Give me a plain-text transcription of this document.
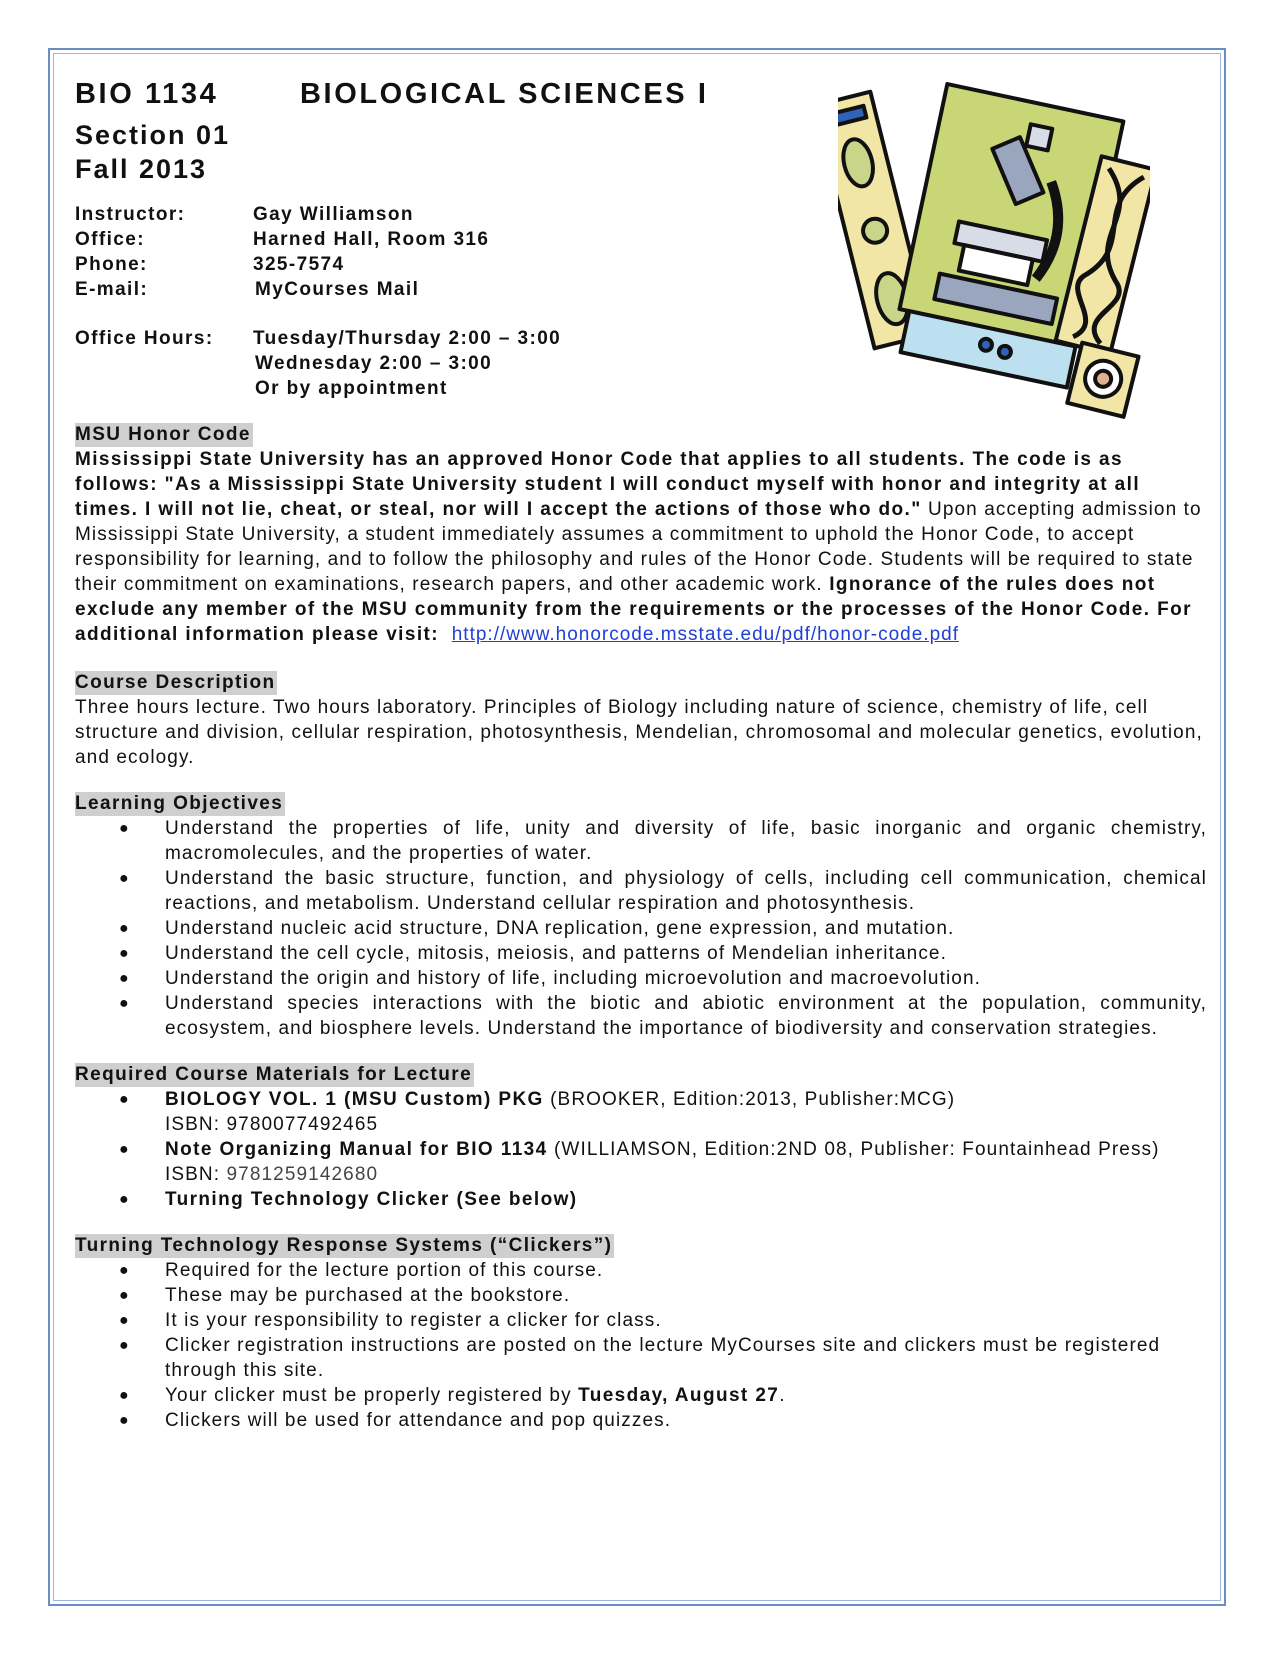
BIO 1134	BIOLOGICAL SCIENCES I
Section 01
Fall 2013
Instructor:	Gay Williamson
Office:	Harned Hall, Room 316
Phone:	325-7574
E-mail:	MyCourses Mail
Office Hours: Tuesday/Thursday 2:00 – 3:00
Wednesday 2:00 – 3:00
Or by appointment
MSU Honor Code

Mississippi State University has an approved Honor Code that applies to all students. The code is as follows: "As a Mississippi State University student I will conduct myself with honor and integrity at all times. I will not lie, cheat, or steal, nor will I accept the actions of those who do." Upon accepting admission to Mississippi State University, a student immediately assumes a commitment to uphold the Honor Code, to accept responsibility for learning, and to follow the philosophy and rules of the Honor Code. Students will be required to state their commitment on examinations, research papers, and other academic work. Ignorance of the rules does not exclude any member of the MSU community from the requirements or the processes of the Honor Code. For additional information please visit: http://www.honorcode.msstate.edu/pdf/honor-code.pdf

Course Description

Three hours lecture. Two hours laboratory. Principles of Biology including nature of science, chemistry of life, cell structure and division, cellular respiration, photosynthesis, Mendelian, chromosomal and molecular genetics, evolution, and ecology.

Learning Objectives
● Understand the properties of life, unity and diversity of life, basic inorganic and organic chemistry, macromolecules, and the properties of water.
● Understand the basic structure, function, and physiology of cells, including cell communication, chemical reactions, and metabolism. Understand cellular respiration and photosynthesis.
● Understand nucleic acid structure, DNA replication, gene expression, and mutation.
● Understand the cell cycle, mitosis, meiosis, and patterns of Mendelian inheritance.
● Understand the origin and history of life, including microevolution and macroevolution.
● Understand species interactions with the biotic and abiotic environment at the population, community, ecosystem, and biosphere levels. Understand the importance of biodiversity and conservation strategies.
Required Course Materials for Lecture
● BIOLOGY VOL. 1 (MSU Custom) PKG (BROOKER, Edition:2013, Publisher:MCG)
ISBN: 9780077492465
● Note Organizing Manual for BIO 1134 (WILLIAMSON, Edition:2ND 08, Publisher: Fountainhead Press)
ISBN: 9781259142680
● Turning Technology Clicker (See below)
Turning Technology Response Systems (“Clickers”)
● Required for the lecture portion of this course.
● These may be purchased at the bookstore.
● It is your responsibility to register a clicker for class.
● Clicker registration instructions are posted on the lecture MyCourses site and clickers must be registered through this site.
● Your clicker must be properly registered by Tuesday, August 27.
● Clickers will be used for attendance and pop quizzes.
